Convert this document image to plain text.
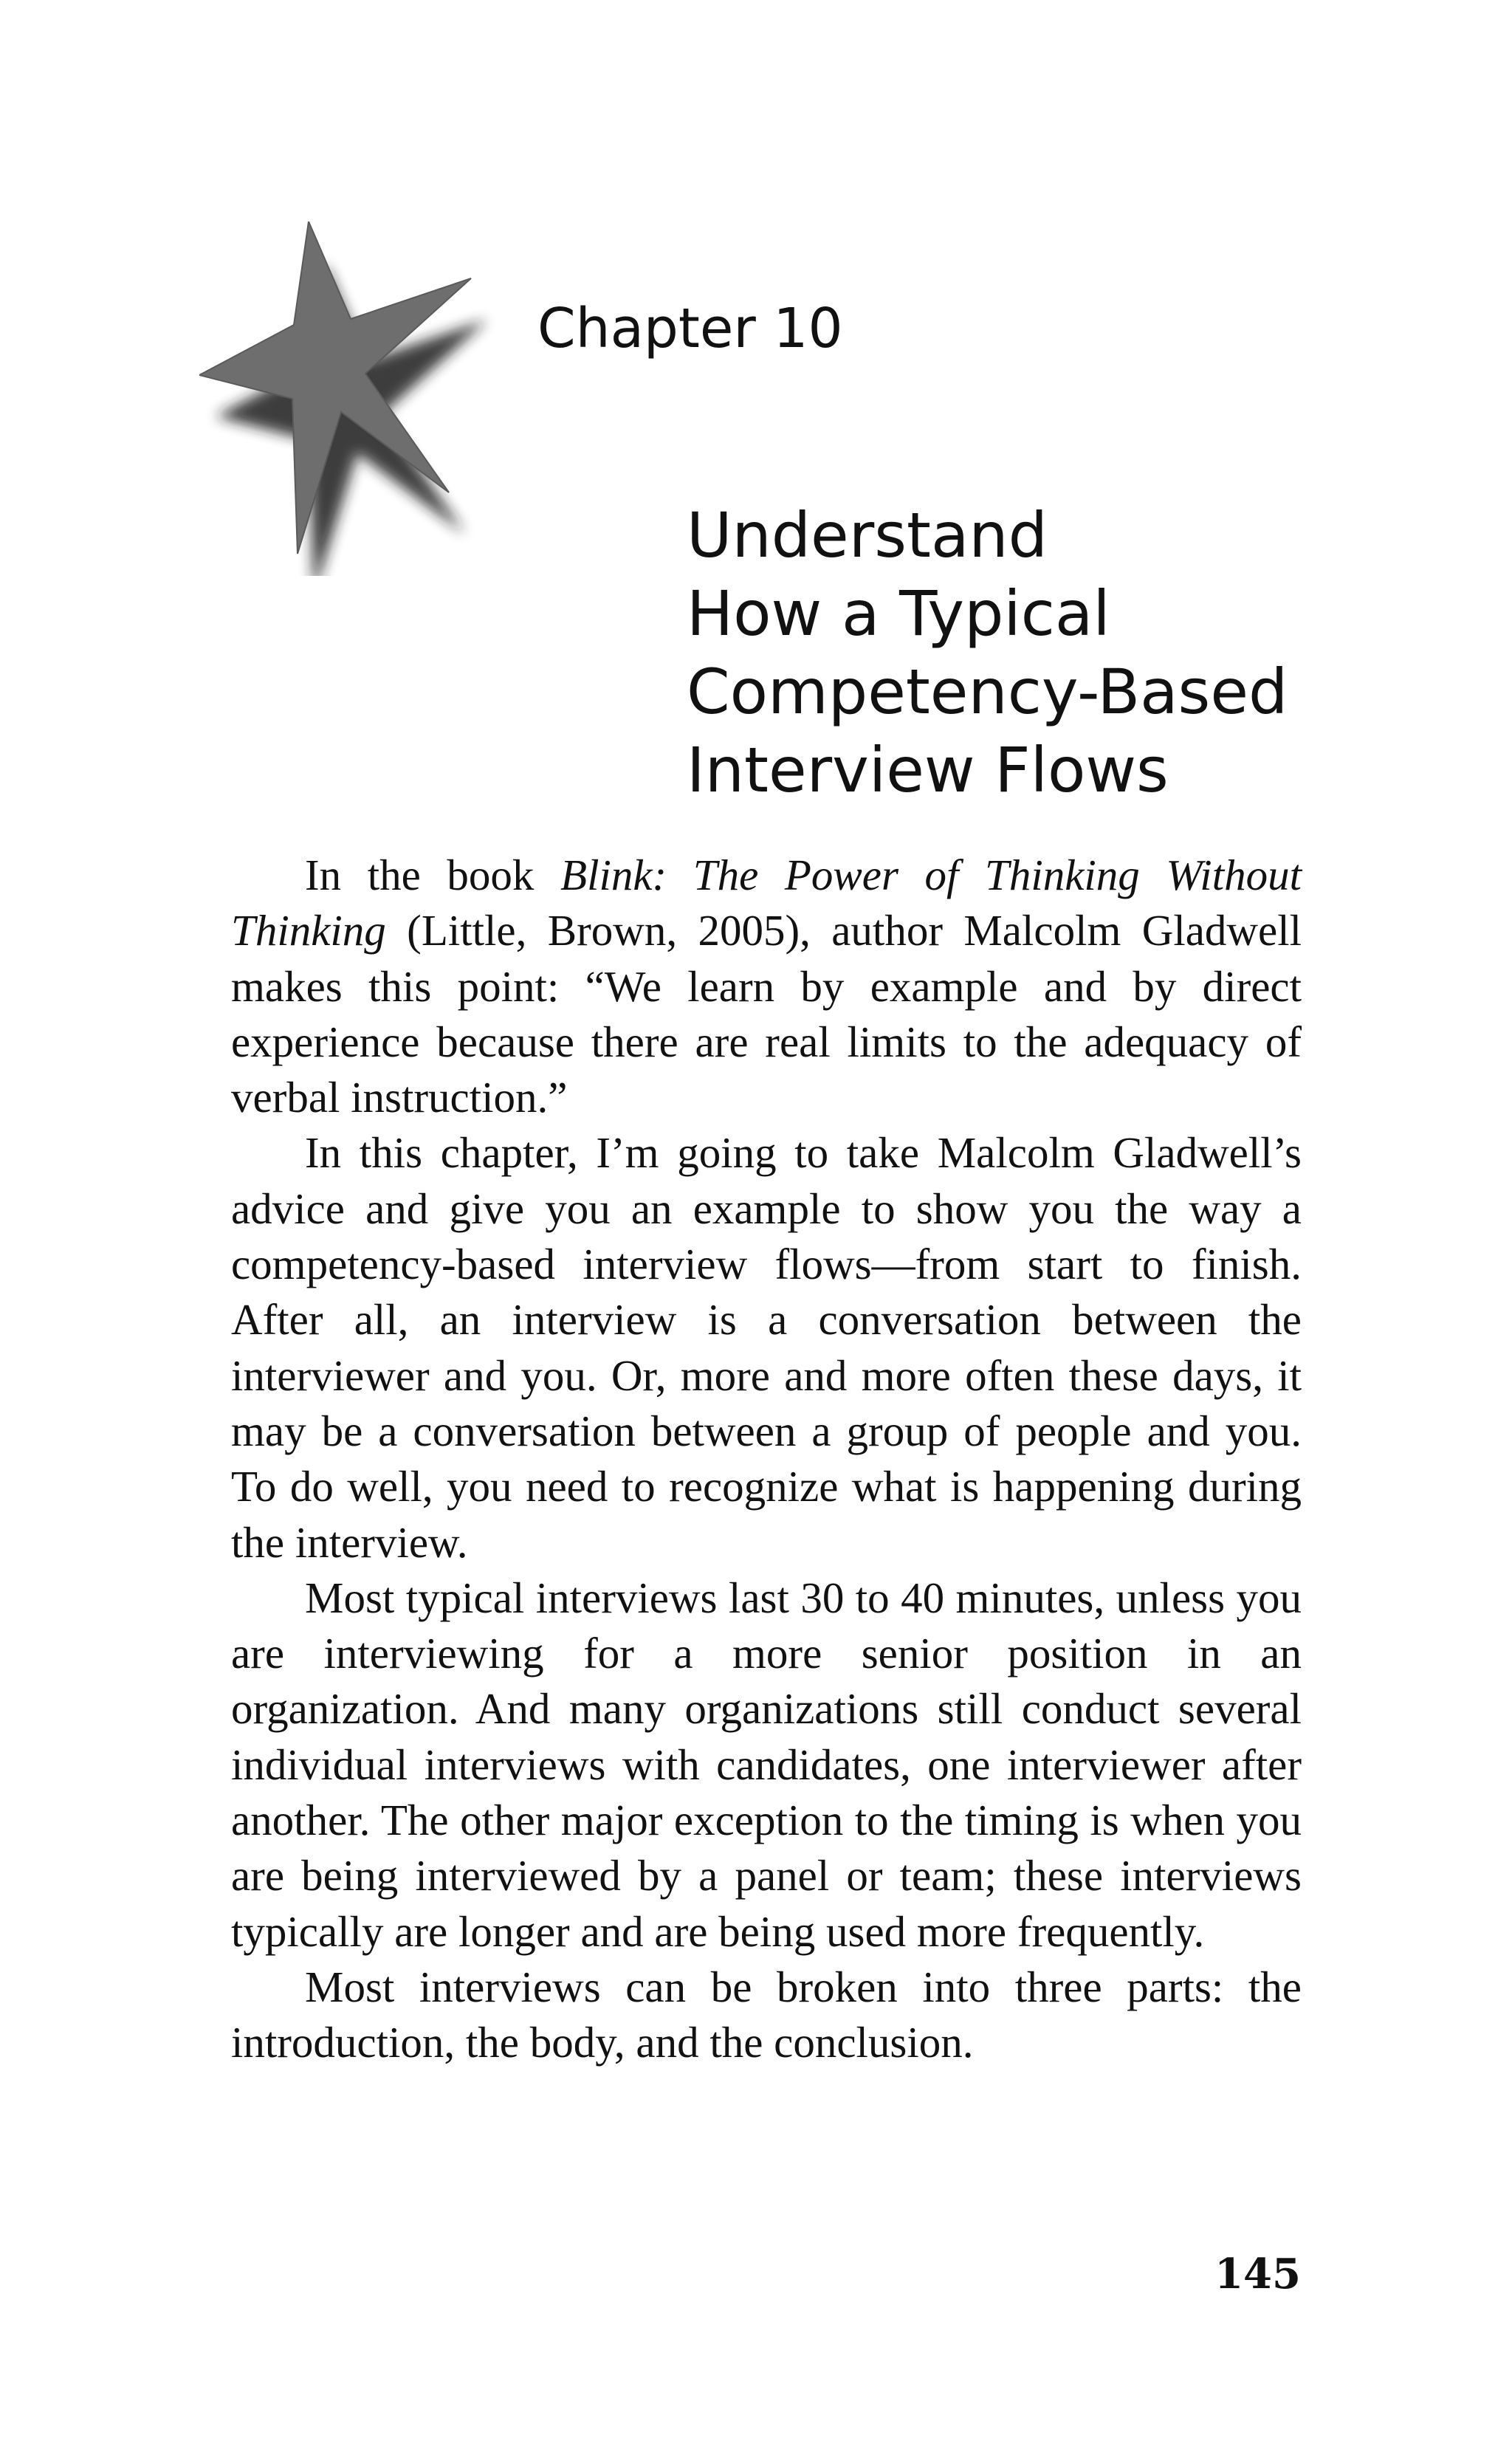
Chapter 10
Understand
How a Typical
Competency-Based
Interview Flows

In the book Blink: The Power of Thinking Without Thinking (Little, Brown, 2005), author Malcolm Gladwell makes this point: “We learn by example and by direct experience because there are real limits to the adequacy of verbal instruction.”

In this chapter, I’m going to take Malcolm Gladwell’s advice and give you an example to show you the way a competency-based interview flows—from start to finish. After all, an interview is a conversation between the interviewer and you. Or, more and more often these days, it may be a conversation between a group of people and you. To do well, you need to recognize what is happening during the interview.

Most typical interviews last 30 to 40 minutes, unless you are interviewing for a more senior position in an organization. And many organizations still conduct several individual interviews with candidates, one interviewer after another. The other major exception to the timing is when you are being interviewed by a panel or team; these interviews typically are longer and are being used more frequently.

Most interviews can be broken into three parts: the introduction, the body, and the conclusion.

145
